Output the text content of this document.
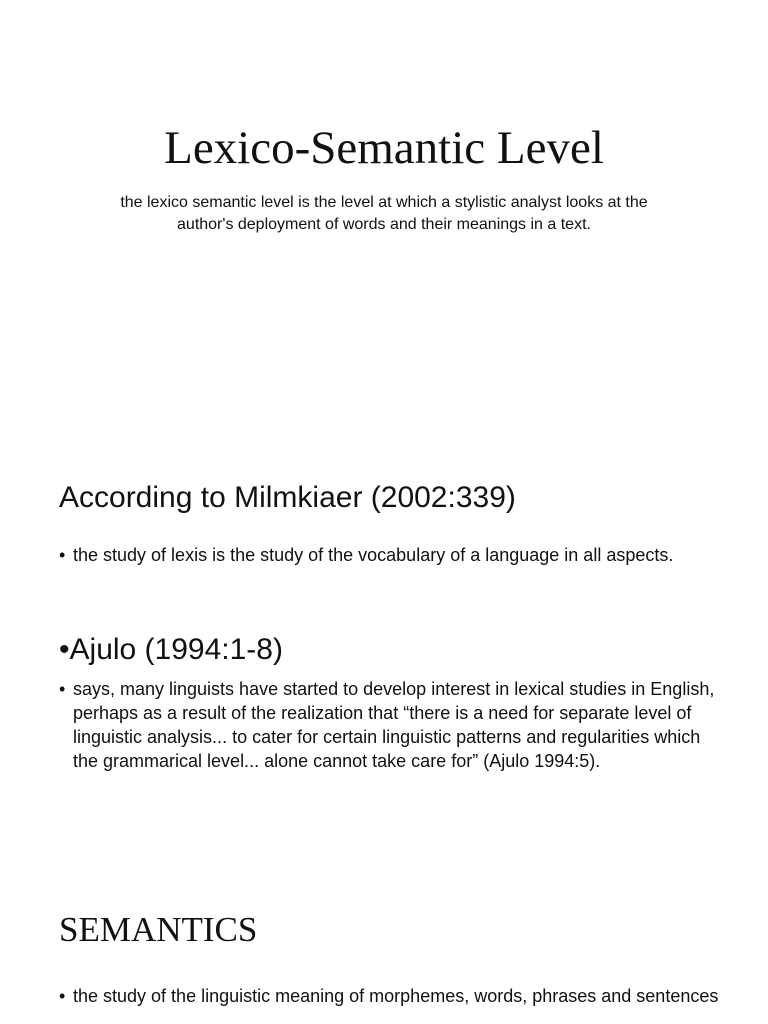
Lexico-Semantic Level

the lexico semantic level is the level at which a stylistic analyst looks at the author's deployment of words and their meanings in a text.

According to Milmkiaer (2002:339)

• the study of lexis is the study of the vocabulary of a language in all aspects.

•Ajulo (1994:1-8)

• says, many linguists have started to develop interest in lexical studies in English, perhaps as a result of the realization that “there is a need for separate level of linguistic analysis... to cater for certain linguistic patterns and regularities which the grammarical level... alone cannot take care for” (Ajulo 1994:5).

SEMANTICS

• the study of the linguistic meaning of morphemes, words, phrases and sentences
